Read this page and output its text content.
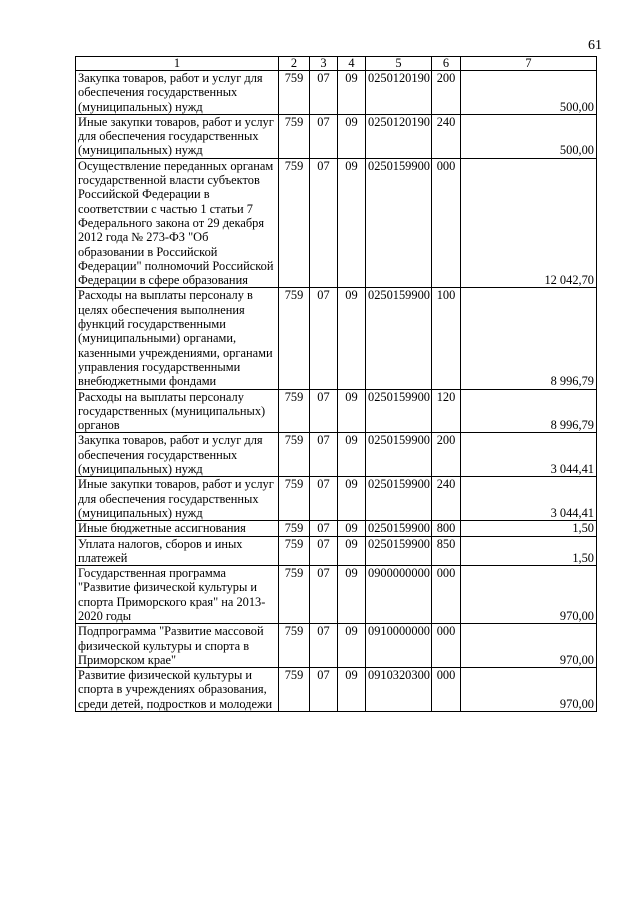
61
1	2	3	4	5	6	7
Закупка товаров, работ и услуг для обеспечения государственных (муниципальных) нужд	759	07	09	0250120190	200	500,00
Иные закупки товаров, работ и услуг для обеспечения государственных (муниципальных) нужд	759	07	09	0250120190	240	500,00
Осуществление переданных органам государственной власти субъектов Российской Федерации в соответствии с частью 1 статьи 7 Федерального закона от 29 декабря 2012 года № 273-ФЗ "Об образовании в Российской Федерации" полномочий Российской Федерации в сфере образования	759	07	09	0250159900	000	12 042,70
Расходы на выплаты персоналу в целях обеспечения выполнения функций государственными (муниципальными) органами, казенными учреждениями, органами управления государственными внебюджетными фондами	759	07	09	0250159900	100	8 996,79
Расходы на выплаты персоналу государственных (муниципальных) органов	759	07	09	0250159900	120	8 996,79
Закупка товаров, работ и услуг для обеспечения государственных (муниципальных) нужд	759	07	09	0250159900	200	3 044,41
Иные закупки товаров, работ и услуг для обеспечения государственных (муниципальных) нужд	759	07	09	0250159900	240	3 044,41
Иные бюджетные ассигнования	759	07	09	0250159900	800	1,50
Уплата налогов, сборов и иных платежей	759	07	09	0250159900	850	1,50
Государственная программа "Развитие физической культуры и спорта Приморского края" на 2013-2020 годы	759	07	09	0900000000	000	970,00
Подпрограмма "Развитие массовой физической культуры и спорта в Приморском крае"	759	07	09	0910000000	000	970,00
Развитие физической культуры и спорта в учреждениях образования, среди детей, подростков и молодежи	759	07	09	0910320300	000	970,00
